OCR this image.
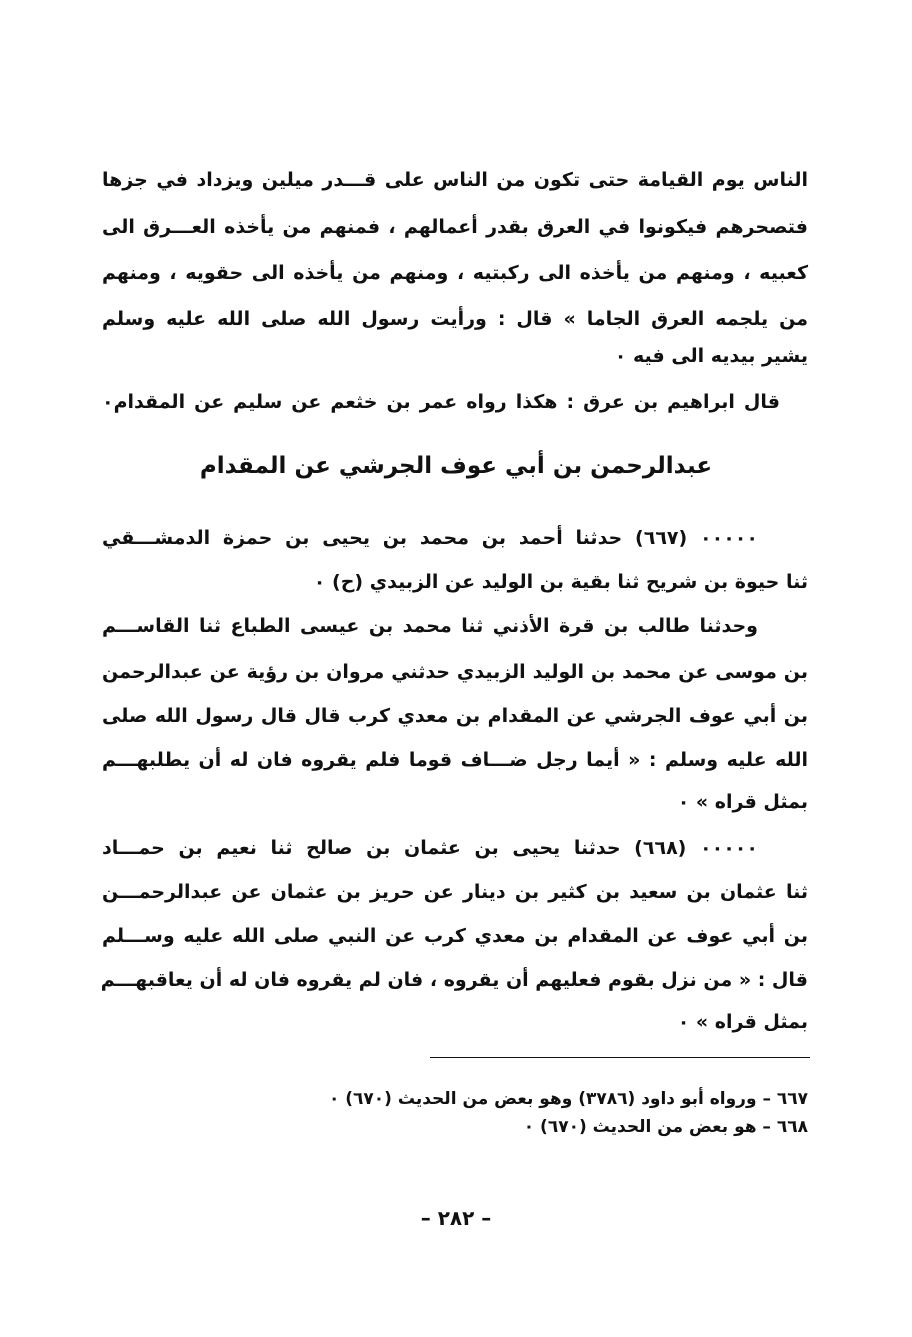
الناس يوم القيامة حتى تكون من الناس على قـــدر ميلين ويزداد في جزها
فتصحرهم فيكونوا في العرق بقدر أعمالهم ، فمنهم من يأخذه العـــرق الى
كعبيه ، ومنهم من يأخذه الى ركبتيه ، ومنهم من يأخذه الى حقويه ، ومنهم
من يلجمه العرق الجاما » قال : ورأيت رسول الله صلى الله عليه وسلم
يشير بيديه الى فيه ٠
قال ابراهيم بن عرق : هكذا رواه عمر بن خثعم عن سليم عن المقدام٠
عبدالرحمن بن أبي عوف الجرشي عن المقدام
٠٠٠٠٠ (٦٦٧) حدثنا أحمد بن محمد بن يحيى بن حمزة الدمشـــقي
ثنا حيوة بن شريح ثنا بقية بن الوليد عن الزبيدي (ح) ٠
وحدثنا طالب بن قرة الأذني ثنا محمد بن عيسى الطباع ثنا القاســـم
بن موسى عن محمد بن الوليد الزبيدي حدثني مروان بن رؤية عن عبدالرحمن
بن أبي عوف الجرشي عن المقدام بن معدي كرب قال قال رسول الله صلى
الله عليه وسلم : « أيما رجل ضـــاف قوما فلم يقروه فان له أن يطلبهـــم
بمثل قراه » ٠
٠٠٠٠٠ (٦٦٨) حدثنا يحيى بن عثمان بن صالح ثنا نعيم بن حمـــاد
ثنا عثمان بن سعيد بن كثير بن دينار عن حريز بن عثمان عن عبدالرحمـــن
بن أبي عوف عن المقدام بن معدي كرب عن النبي صلى الله عليه وســـلم
قال : « من نزل بقوم فعليهم أن يقروه ، فان لم يقروه فان له أن يعاقبهـــم
بمثل قراه » ٠
٦٦٧ – ورواه أبو داود (٣٧٨٦) وهو بعض من الحديث (٦٧٠) ٠
٦٦٨ – هو بعض من الحديث (٦٧٠) ٠
– ٢٨٢ –
